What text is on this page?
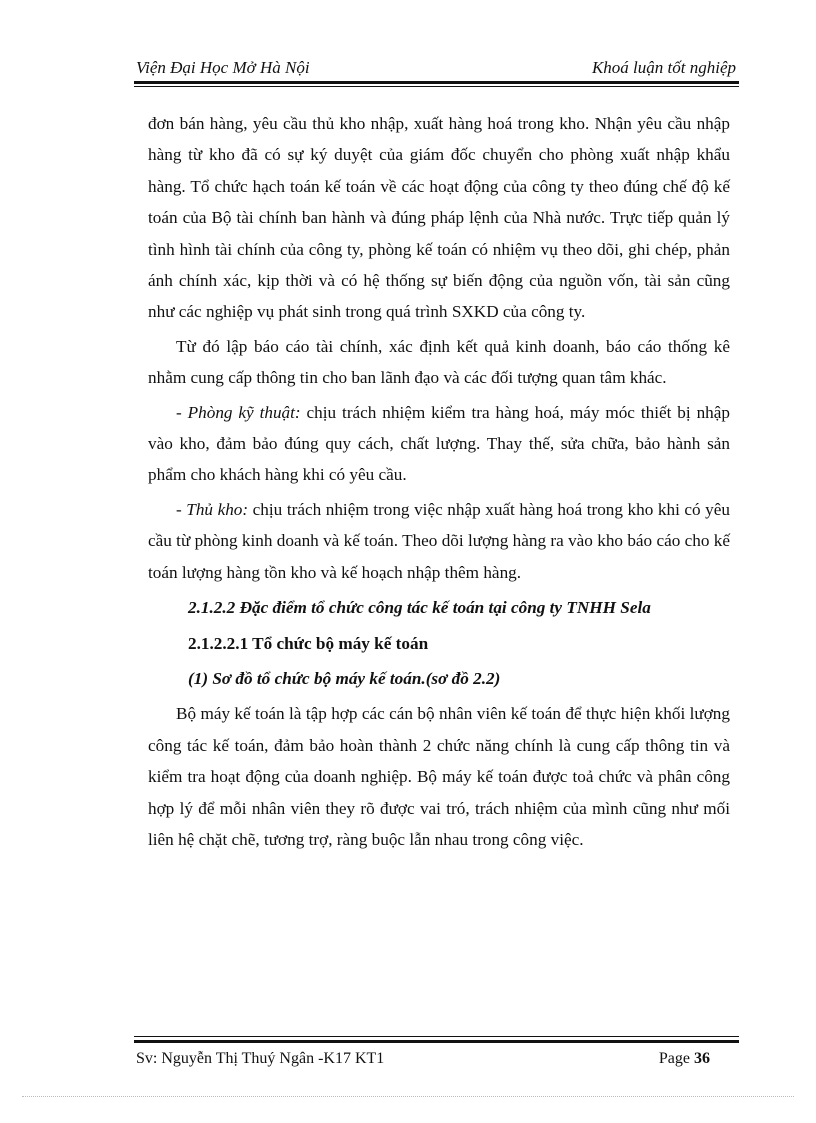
Viện Đại Học Mở Hà Nội	Khoá luận tốt nghiệp

đơn bán hàng, yêu cầu thủ kho nhập, xuất hàng hoá trong kho. Nhận yêu cầu nhập hàng từ kho đã có sự ký duyệt của giám đốc chuyển cho phòng xuất nhập khẩu hàng. Tổ chức hạch toán kế toán về các hoạt động của công ty theo đúng chế độ kế toán của Bộ tài chính ban hành và đúng pháp lệnh của Nhà nước. Trực tiếp quản lý tình hình tài chính của công ty, phòng kế toán có nhiệm vụ theo dõi, ghi chép, phản ánh chính xác, kịp thời và có hệ thống sự biến động của nguồn vốn, tài sản cũng như các nghiệp vụ phát sinh trong quá trình SXKD của công ty.

Từ đó lập báo cáo tài chính, xác định kết quả kinh doanh, báo cáo thống kê nhằm cung cấp thông tin cho ban lãnh đạo và các đối tượng quan tâm khác.

- Phòng kỹ thuật: chịu trách nhiệm kiểm tra hàng hoá, máy móc thiết bị nhập vào kho, đảm bảo đúng quy cách, chất lượng. Thay thế, sửa chữa, bảo hành sản phẩm cho khách hàng khi có yêu cầu.

- Thủ kho: chịu trách nhiệm trong việc nhập xuất hàng hoá trong kho khi có yêu cầu từ phòng kinh doanh và kế toán. Theo dõi lượng hàng ra vào kho báo cáo cho kế toán lượng hàng tồn kho và kế hoạch nhập thêm hàng.

2.1.2.2 Đặc điểm tổ chức công tác kế toán tại công ty TNHH Sela

2.1.2.2.1 Tổ chức bộ máy kế toán

(1) Sơ đồ tổ chức bộ máy kế toán.(sơ đồ 2.2)

Bộ máy kế toán là tập hợp các cán bộ nhân viên kế toán để thực hiện khối lượng công tác kế toán, đảm bảo hoàn thành 2 chức năng chính là cung cấp thông tin và kiểm tra hoạt động của doanh nghiệp. Bộ máy kế toán được toả chức và phân công hợp lý để mỗi nhân viên they rõ được vai tró, trách nhiệm của mình cũng như mối liên hệ chặt chẽ, tương trợ, ràng buộc lẫn nhau trong công việc.

Sv: Nguyễn Thị Thuý Ngân -K17 KT1	Page 36
